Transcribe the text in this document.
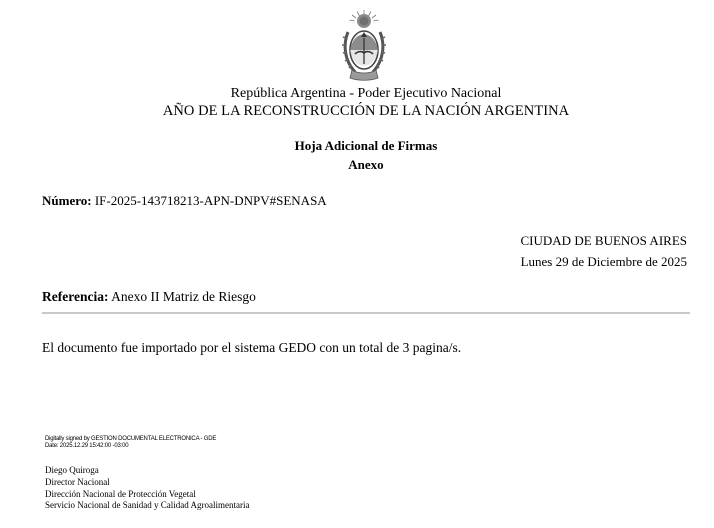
República Argentina - Poder Ejecutivo Nacional
AÑO DE LA RECONSTRUCCIÓN DE LA NACIÓN ARGENTINA
Hoja Adicional de Firmas
Anexo
Número: IF-2025-143718213-APN-DNPV#SENASA
CIUDAD DE BUENOS AIRES
Lunes 29 de Diciembre de 2025
Referencia: Anexo II Matriz de Riesgo
El documento fue importado por el sistema GEDO con un total de 3 pagina/s.
Digitally signed by GESTION DOCUMENTAL ELECTRONICA - GDE
Date: 2025.12.29 15:42:00 -03:00
Diego Quiroga
Director Nacional
Dirección Nacional de Protección Vegetal
Servicio Nacional de Sanidad y Calidad Agroalimentaria
